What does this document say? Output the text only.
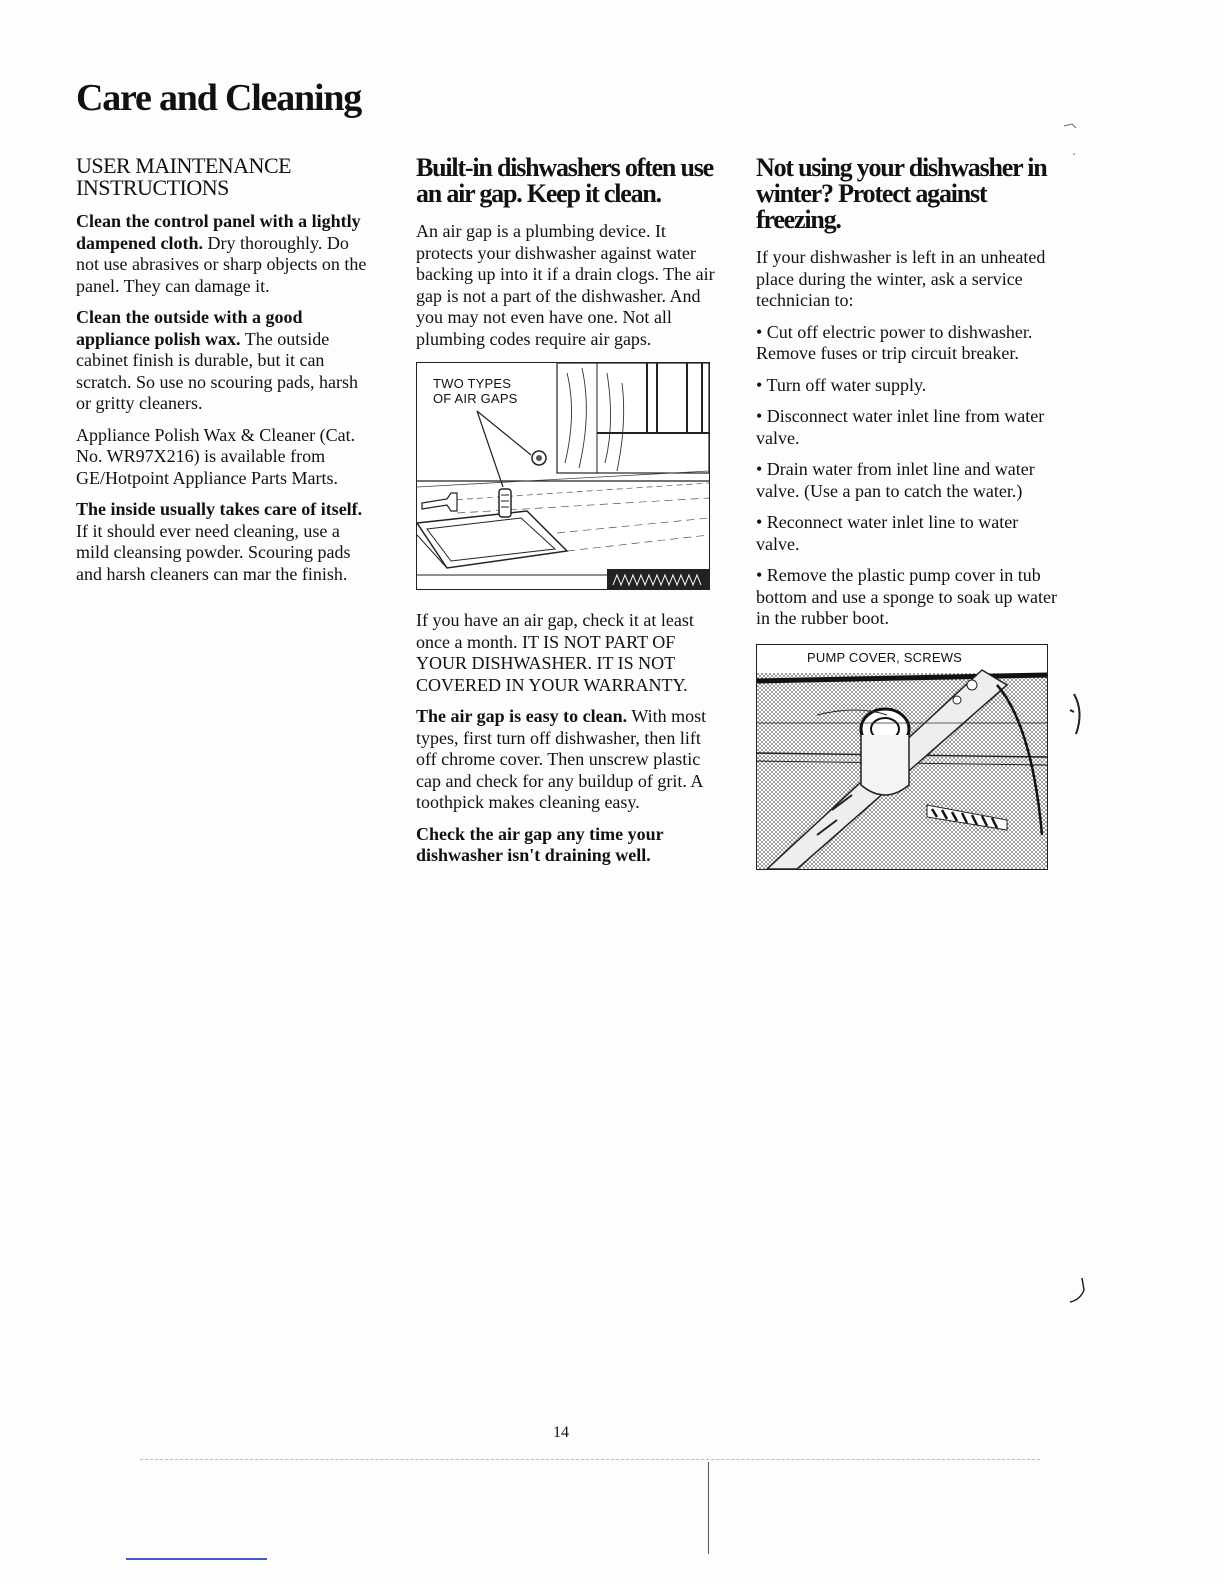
Care and Cleaning
USER MAINTENANCE INSTRUCTIONS

Clean the control panel with a lightly dampened cloth. Dry thoroughly. Do not use abrasives or sharp objects on the panel. They can damage it.

Clean the outside with a good appliance polish wax. The outside cabinet finish is durable, but it can scratch. So use no scouring pads, harsh or gritty cleaners.

Appliance Polish Wax & Cleaner (Cat. No. WR97X216) is available from GE/Hotpoint Appliance Parts Marts.

The inside usually takes care of itself. If it should ever need cleaning, use a mild cleansing powder. Scouring pads and harsh cleaners can mar the finish.

Built-in dishwashers often use an air gap. Keep it clean.

An air gap is a plumbing device. It protects your dishwasher against water backing up into it if a drain clogs. The air gap is not a part of the dishwasher. And you may not even have one. Not all plumbing codes require air gaps.

TWO TYPES
OF AIR GAPS

If you have an air gap, check it at least once a month. IT IS NOT PART OF YOUR DISHWASHER. IT IS NOT COVERED IN YOUR WARRANTY.

The air gap is easy to clean. With most types, first turn off dishwasher, then lift off chrome cover. Then unscrew plastic cap and check for any buildup of grit. A toothpick makes cleaning easy.

Check the air gap any time your dishwasher isn't draining well.

Not using your dishwasher in winter? Protect against freezing.

If your dishwasher is left in an unheated place during the winter, ask a service technician to:

• Cut off electric power to dishwasher. Remove fuses or trip circuit breaker.

• Turn off water supply.

• Disconnect water inlet line from water valve.

• Drain water from inlet line and water valve. (Use a pan to catch the water.)

• Reconnect water inlet line to water valve.

• Remove the plastic pump cover in tub bottom and use a sponge to soak up water in the rubber boot.

PUMP COVER, SCREWS
14
